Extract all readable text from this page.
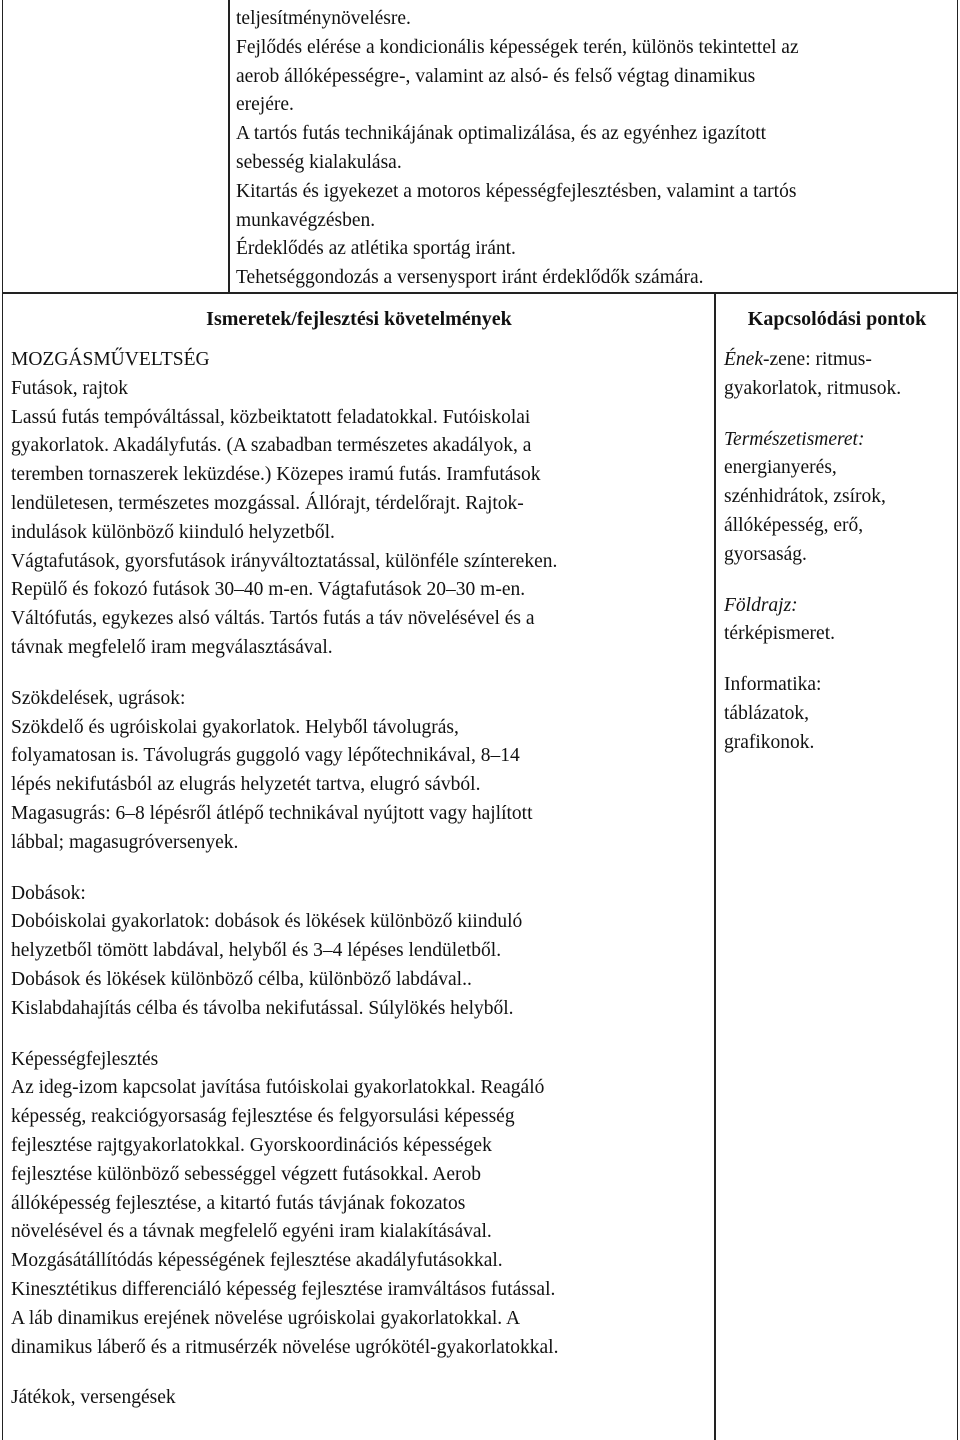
teljesítménynövelésre.
Fejlődés elérése a kondicionális képességek terén, különös tekintettel az
aerob állóképességre-, valamint az alsó- és felső végtag dinamikus
erejére.
A tartós futás technikájának optimalizálása, és az egyénhez igazított
sebesség kialakulása.
Kitartás és igyekezet a motoros képességfejlesztésben, valamint a tartós
munkavégzésben.
Érdeklődés az atlétika sportág iránt.
Tehetséggondozás a versenysport iránt érdeklődők számára.
Ismeretek/fejlesztési követelmények	Kapcsolódási pontok
MOZGÁSMŰVELTSÉG
Futások, rajtok
Lassú futás tempóváltással, közbeiktatott feladatokkal. Futóiskolai
gyakorlatok. Akadályfutás. (A szabadban természetes akadályok, a
teremben tornaszerek leküzdése.) Közepes iramú futás. Iramfutások
lendületesen, természetes mozgással. Állórajt, térdelőrajt. Rajtok-
indulások különböző kiinduló helyzetből.
Vágtafutások, gyorsfutások irányváltoztatással, különféle színtereken.
Repülő és fokozó futások 30‒40 m-en. Vágtafutások 20‒30 m-en.
Váltófutás, egykezes alsó váltás. Tartós futás a táv növelésével és a
távnak megfelelő iram megválasztásával.
Szökdelések, ugrások:
Szökdelő és ugróiskolai gyakorlatok. Helyből távolugrás,
folyamatosan is. Távolugrás guggoló vagy lépőtechnikával, 8‒14
lépés nekifutásból az elugrás helyzetét tartva, elugró sávból.
Magasugrás: 6‒8 lépésről átlépő technikával nyújtott vagy hajlított
lábbal; magasugróversenyek.
Dobások:
Dobóiskolai gyakorlatok: dobások és lökések különböző kiinduló
helyzetből tömött labdával, helyből és 3‒4 lépéses lendületből.
Dobások és lökések különböző célba, különböző labdával..
Kislabdahajítás célba és távolba nekifutással. Súlylökés helyből.
Képességfejlesztés
Az ideg-izom kapcsolat javítása futóiskolai gyakorlatokkal. Reagáló
képesség, reakciógyorsaság fejlesztése és felgyorsulási képesség
fejlesztése rajtgyakorlatokkal. Gyorskoordinációs képességek
fejlesztése különböző sebességgel végzett futásokkal. Aerob
állóképesség fejlesztése, a kitartó futás távjának fokozatos
növelésével és a távnak megfelelő egyéni iram kialakításával.
Mozgásátállítódás képességének fejlesztése akadályfutásokkal.
Kinesztétikus differenciáló képesség fejlesztése iramváltásos futással.
A láb dinamikus erejének növelése ugróiskolai gyakorlatokkal. A
dinamikus láberő és a ritmusérzék növelése ugrókötél-gyakorlatokkal.
Játékok, versengések
Ének-zene: ritmus-
gyakorlatok, ritmusok.
Természetismeret:
energianyerés,
szénhidrátok, zsírok,
állóképesség, erő,
gyorsaság.
Földrajz:
térképismeret.
Informatika:
táblázatok,
grafikonok.
